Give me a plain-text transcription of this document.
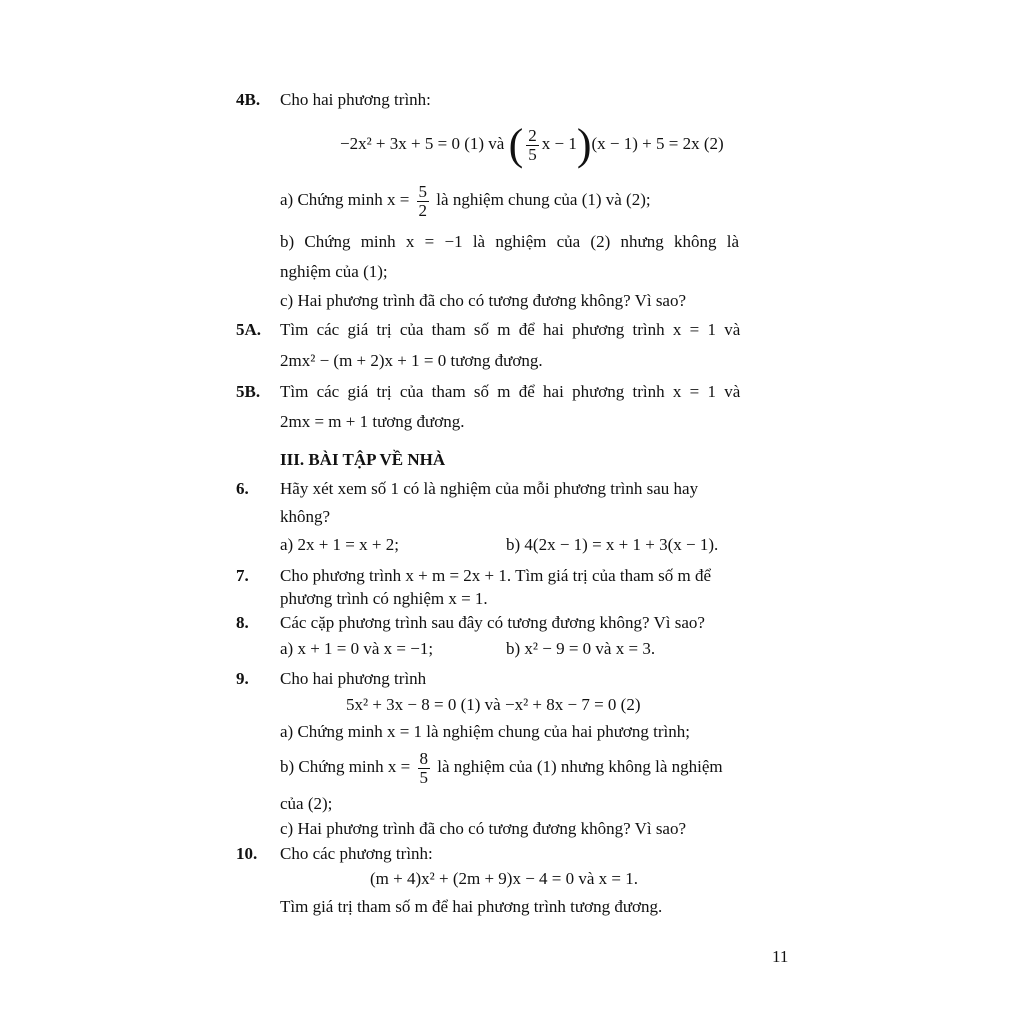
4B. Cho hai phương trình:
−2x² + 3x + 5 = 0 (1) và ( $\frac{2}{5}$ x − 1)(x − 1) + 5 = 2x (2)
a) Chứng minh $x = \frac{5}{2}$ là nghiệm chung của (1) và (2);
b) Chứng minh x = −1 là nghiệm của (2) nhưng không là
nghiệm của (1);
c) Hai phương trình đã cho có tương đương không? Vì sao?
5A. Tìm các giá trị của tham số m để hai phương trình x = 1 và
2mx² − (m + 2)x + 1 = 0 tương đương.
5B. Tìm các giá trị của tham số m để hai phương trình x = 1 và
2mx = m + 1 tương đương.
III. BÀI TẬP VỀ NHÀ
6. Hãy xét xem số 1 có là nghiệm của mỗi phương trình sau hay
không?
a) 2x + 1 = x + 2;	b) 4(2x − 1) = x + 1 + 3(x − 1).
7. Cho phương trình x + m = 2x + 1. Tìm giá trị của tham số m để
phương trình có nghiệm x = 1.
8. Các cặp phương trình sau đây có tương đương không? Vì sao?
a) x + 1 = 0 và x = −1;	b) x² − 9 = 0 và x = 3.
9. Cho hai phương trình
5x² + 3x − 8 = 0 (1) và −x² + 8x − 7 = 0 (2)
a) Chứng minh x = 1 là nghiệm chung của hai phương trình;
b) Chứng minh $x = \frac{8}{5}$ là nghiệm của (1) nhưng không là nghiệm
của (2);
c) Hai phương trình đã cho có tương đương không? Vì sao?
10. Cho các phương trình:
(m + 4)x² + (2m + 9)x − 4 = 0 và x = 1.
Tìm giá trị tham số m để hai phương trình tương đương.
11
